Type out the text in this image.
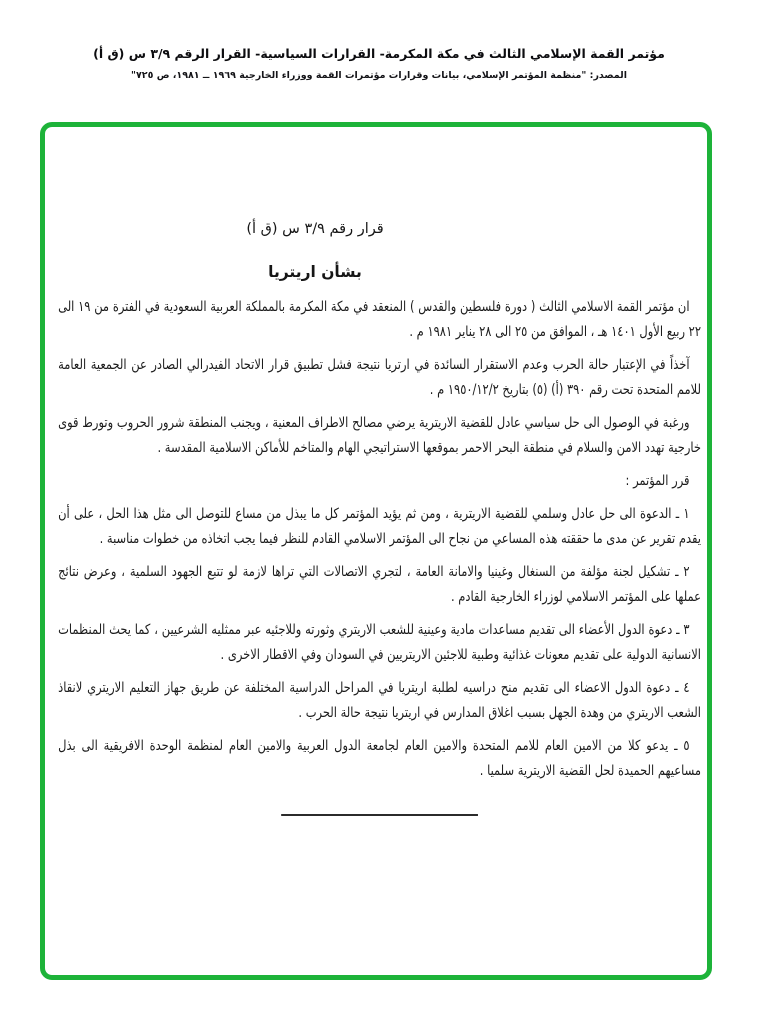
مؤتمر القمة الإسلامي الثالث في مكة المكرمة- القرارات السياسية- القرار الرقم ٣/٩ س (ق أ)
المصدر: "منظمة المؤتمر الإسلامي، بيانات وقرارات مؤتمرات القمة ووزراء الخارجية ١٩٦٩ ــ ١٩٨١، ص ٧٢٥"
قرار رقم ٣/٩ س (ق أ)
بشأن اريتريا

ان مؤتمر القمة الاسلامي الثالث ( دورة فلسطين والقدس ) المنعقد في مكة المكرمة بالمملكة العربية السعودية في الفترة من ١٩ الى ٢٢ ربيع الأول ١٤٠١ هـ ، الموافق من ٢٥ الى ٢٨ يناير ١٩٨١ م .

آخذاً في الإعتبار حالة الحرب وعدم الاستقرار السائدة في ارتريا نتيجة فشل تطبيق قرار الاتحاد الفيدرالي الصادر عن الجمعية العامة للامم المتحدة تحت رقم ٣٩٠ (أ) (٥) بتاريخ ١٩٥٠/١٢/٢ م .

ورغبة في الوصول الى حل سياسي عادل للقضية الاريترية يرضي مصالح الاطراف المعنية ، ويجنب المنطقة شرور الحروب وتورط قوى خارجية تهدد الامن والسلام في منطقة البحر الاحمر بموقعها الاستراتيجي الهام والمتاخم للأماكن الاسلامية المقدسة .

قرر المؤتمر :

١ ـ الدعوة الى حل عادل وسلمي للقضية الاريترية ، ومن ثم يؤيد المؤتمر كل ما يبذل من مساع للتوصل الى مثل هذا الحل ، على أن يقدم تقرير عن مدى ما حققته هذه المساعي من نجاح الى المؤتمر الاسلامي القادم للنظر فيما يجب اتخاذه من خطوات مناسبة .

٢ ـ تشكيل لجنة مؤلفة من السنغال وغينيا والامانة العامة ، لتجري الاتصالات التي تراها لازمة لو تتبع الجهود السلمية ، وعرض نتائج عملها على المؤتمر الاسلامي لوزراء الخارجية القادم .

٣ ـ دعوة الدول الأعضاء الى تقديم مساعدات مادية وعينية للشعب الاريتري وثورته وللاجئيه عبر ممثليه الشرعيين ، كما يحث المنظمات الانسانية الدولية على تقديم معونات غذائية وطبية للاجئين الاريتريين في السودان وفي الاقطار الاخرى .

٤ ـ دعوة الدول الاعضاء الى تقديم منح دراسيه لطلبة اريتريا في المراحل الدراسية المختلفة عن طريق جهاز التعليم الاريتري لانقاذ الشعب الاريتري من وهدة الجهل بسبب اغلاق المدارس في اريتريا نتيجة حالة الحرب .

٥ ـ يدعو كلا من الامين العام للامم المتحدة والامين العام لجامعة الدول العربية والامين العام لمنظمة الوحدة الافريقية الى بذل مساعيهم الحميدة لحل القضية الاريترية سلميا .
